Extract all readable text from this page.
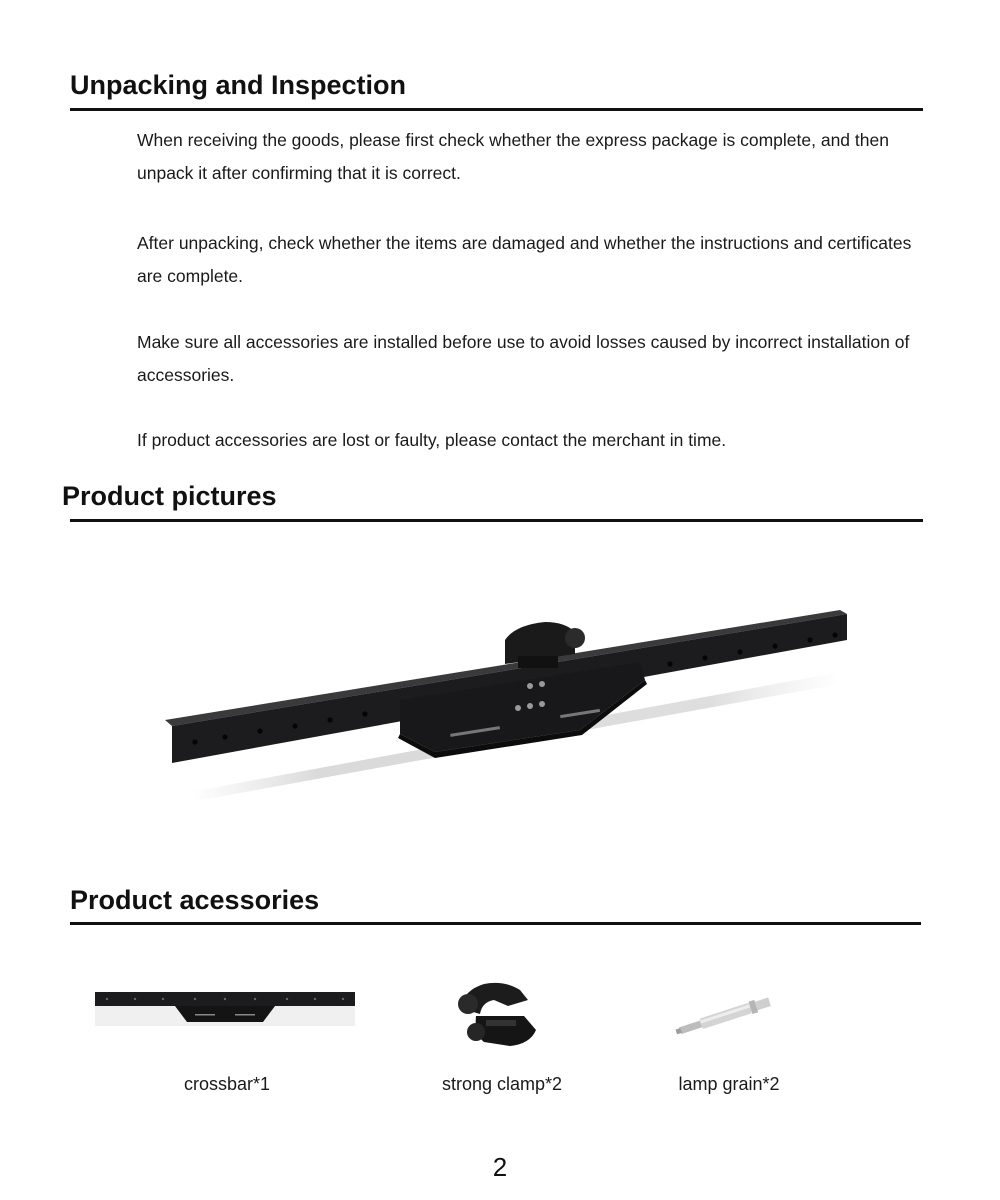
Unpacking and Inspection

When receiving the goods, please first check whether the express package is complete, and then unpack it after confirming that it is correct.

After unpacking, check whether the items are damaged and whether the instructions and certificates are complete.

Make sure all accessories are installed before use to avoid losses caused by incorrect installation of accessories.

If product accessories are lost or faulty, please contact the merchant in time.

Product pictures
Product acessories
crossbar*1	strong clamp*2	lamp grain*2
2
